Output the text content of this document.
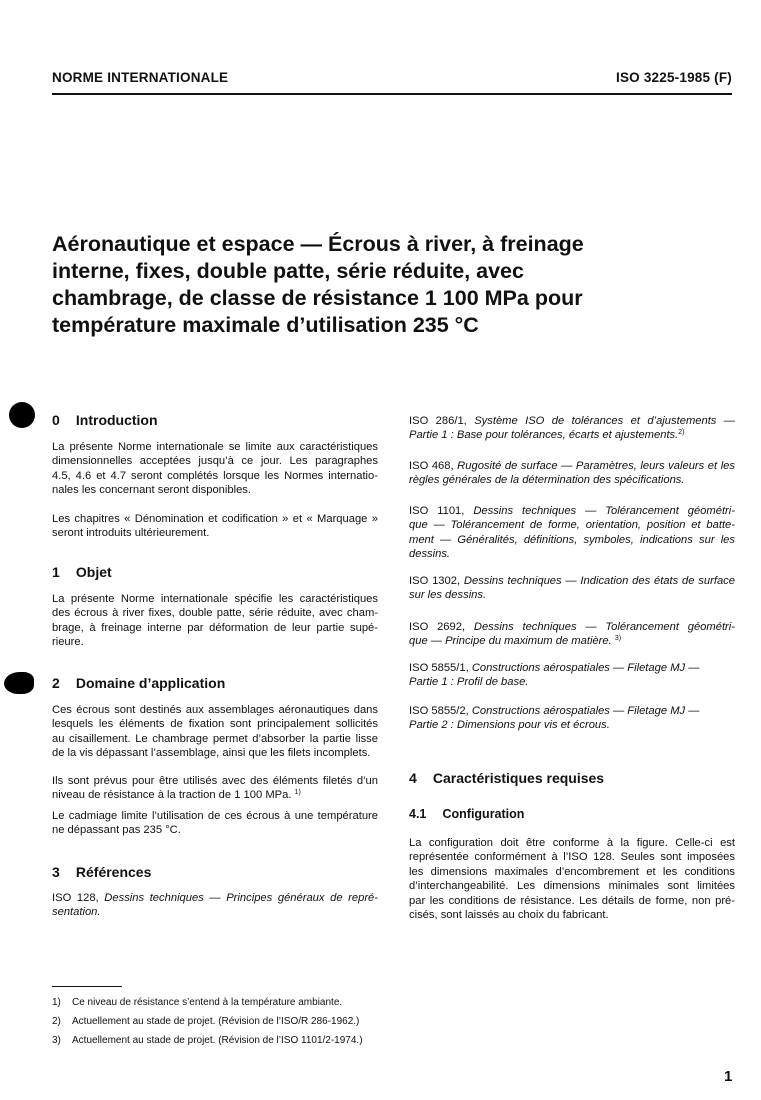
NORME INTERNATIONALE	ISO 3225-1985 (F)
Aéronautique et espace — Écrous à river, à freinage
interne, fixes, double patte, série réduite, avec
chambrage, de classe de résistance 1 100 MPa pour
température maximale d’utilisation 235 °C
0 Introduction
La présente Norme internationale se limite aux caractéristiques
dimensionnelles acceptées jusqu’à ce jour. Les paragraphes
4.5, 4.6 et 4.7 seront complétés lorsque les Normes internatio-
nales les concernant seront disponibles.
Les chapitres « Dénomination et codification » et « Marquage »
seront introduits ultérieurement.
1 Objet
La présente Norme internationale spécifie les caractéristiques
des écrous à river fixes, double patte, série réduite, avec cham-
brage, à freinage interne par déformation de leur partie supé-
rieure.
2 Domaine d’application
Ces écrous sont destinés aux assemblages aéronautiques dans
lesquels les éléments de fixation sont principalement sollicités
au cisaillement. Le chambrage permet d’absorber la partie lisse
de la vis dépassant l’assemblage, ainsi que les filets incomplets.
Ils sont prévus pour être utilisés avec des éléments filetés d’un
niveau de résistance à la traction de 1 100 MPa. $^{1)}$
Le cadmiage limite l’utilisation de ces écrous à une température
ne dépassant pas 235 °C.
3 Références
ISO 128, Dessins techniques — Principes généraux de repré-
sentation.
ISO 286/1, Système ISO de tolérances et d’ajustements —
Partie 1 : Base pour tolérances, écarts et ajustements.$^{2)}$
ISO 468, Rugosité de surface — Paramètres, leurs valeurs et les
règles générales de la détermination des spécifications.
ISO 1101, Dessins techniques — Tolérancement géométri-
que — Tolérancement de forme, orientation, position et batte-
ment — Généralités, définitions, symboles, indications sur les
dessins.
ISO 1302, Dessins techniques — Indication des états de surface
sur les dessins.
ISO 2692, Dessins techniques — Tolérancement géométri-
que — Principe du maximum de matière. $^{3)}$
ISO 5855/1, Constructions aérospatiales — Filetage MJ —
Partie 1 : Profil de base.
ISO 5855/2, Constructions aérospatiales — Filetage MJ —
Partie 2 : Dimensions pour vis et écrous.
4 Caractéristiques requises
4.1 Configuration
La configuration doit être conforme à la figure. Celle-ci est
représentée conformément à l’ISO 128. Seules sont imposées
les dimensions maximales d’encombrement et les conditions
d’interchangeabilité. Les dimensions minimales sont limitées
par les conditions de résistance. Les détails de forme, non pré-
cisés, sont laissés au choix du fabricant.
1) Ce niveau de résistance s’entend à la température ambiante.
2) Actuellement au stade de projet. (Révision de l’ISO/R 286-1962.)
3) Actuellement au stade de projet. (Révision de l’ISO 1101/2-1974.)
1
